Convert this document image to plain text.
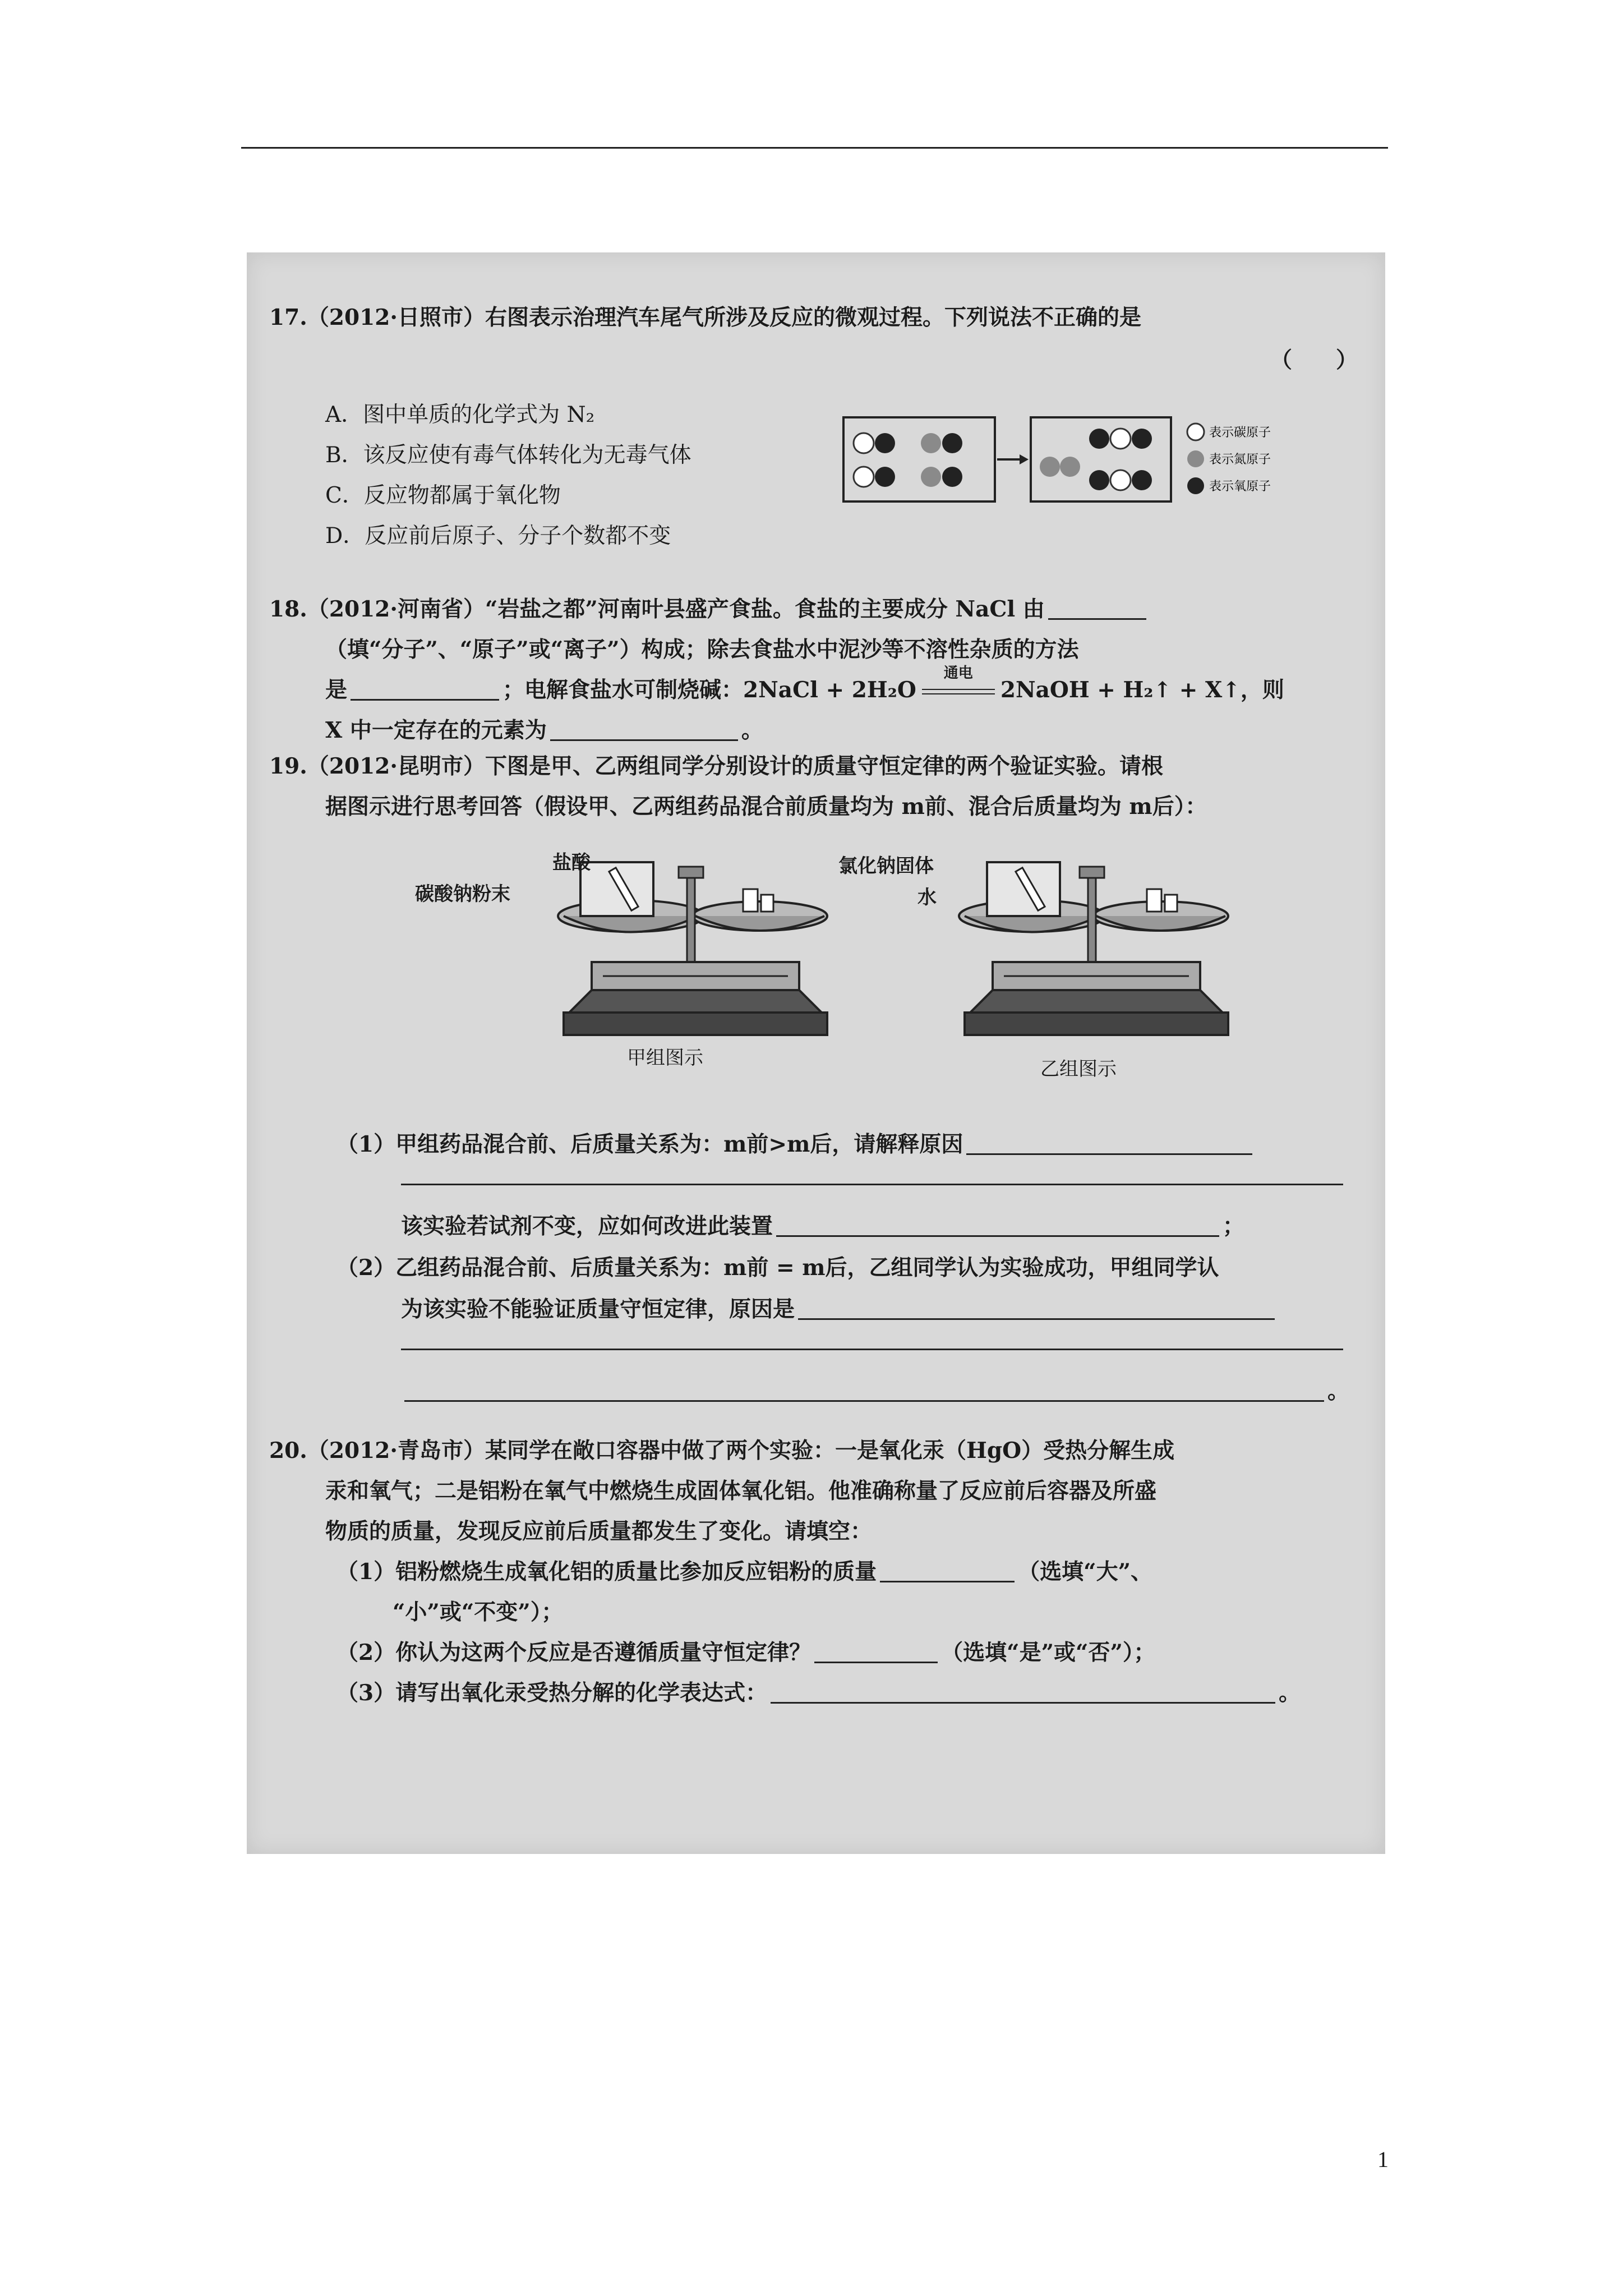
17.（2012·日照市）右图表示治理汽车尾气所涉及反应的微观过程。下列说法不正确的是
（　　）
A．图中单质的化学式为 N₂
B．该反应使有毒气体转化为无毒气体
C．反应物都属于氧化物
D．反应前后原子、分子个数都不变
表示碳原子
表示氮原子
表示氧原子
18.（2012·河南省）“岩盐之都”河南叶县盛产食盐。食盐的主要成分 NaCl 由
（填“分子”、“原子”或“离子”）构成；除去食盐水中泥沙等不溶性杂质的方法
是	；电解食盐水可制烧碱：2NaCl + 2H₂O
通电
2NaOH + H₂↑ + X↑，则
X 中一定存在的元素为	。
19.（2012·昆明市）下图是甲、乙两组同学分别设计的质量守恒定律的两个验证实验。请根
据图示进行思考回答（假设甲、乙两组药品混合前质量均为 m前、混合后质量均为 m后）：
盐酸
碳酸钠粉末
甲组图示
氯化钠固体
水
乙组图示
（1）甲组药品混合前、后质量关系为：m前>m后，请解释原因
该实验若试剂不变，应如何改进此装置	；
（2）乙组药品混合前、后质量关系为：m前 = m后，乙组同学认为实验成功，甲组同学认
为该实验不能验证质量守恒定律，原因是
。
20.（2012·青岛市）某同学在敞口容器中做了两个实验：一是氧化汞（HgO）受热分解生成
汞和氧气；二是铝粉在氧气中燃烧生成固体氧化铝。他准确称量了反应前后容器及所盛
物质的质量，发现反应前后质量都发生了变化。请填空：
（1）铝粉燃烧生成氧化铝的质量比参加反应铝粉的质量	（选填“大”、
“小”或“不变”）；
（2）你认为这两个反应是否遵循质量守恒定律？	（选填“是”或“否”）；
（3）请写出氧化汞受热分解的化学表达式：	。
1
